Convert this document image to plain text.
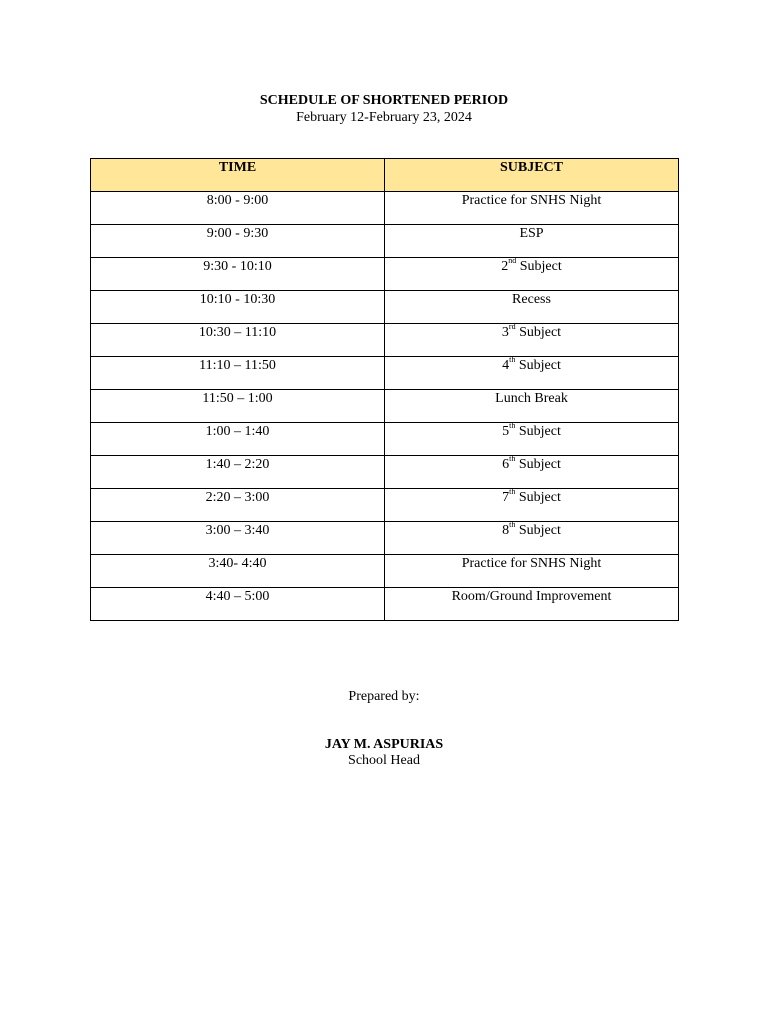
SCHEDULE OF SHORTENED PERIOD
February 12-February 23, 2024
TIME	SUBJECT
8:00 - 9:00	Practice for SNHS Night
9:00 - 9:30	ESP
9:30 - 10:10	2nd Subject
10:10 - 10:30	Recess
10:30 – 11:10	3rd Subject
11:10 – 11:50	4th Subject
11:50 – 1:00	Lunch Break
1:00 – 1:40	5th Subject
1:40 – 2:20	6th Subject
2:20 – 3:00	7th Subject
3:00 – 3:40	8th Subject
3:40- 4:40	Practice for SNHS Night
4:40 – 5:00	Room/Ground Improvement
Prepared by:
JAY M. ASPURIAS
School Head
